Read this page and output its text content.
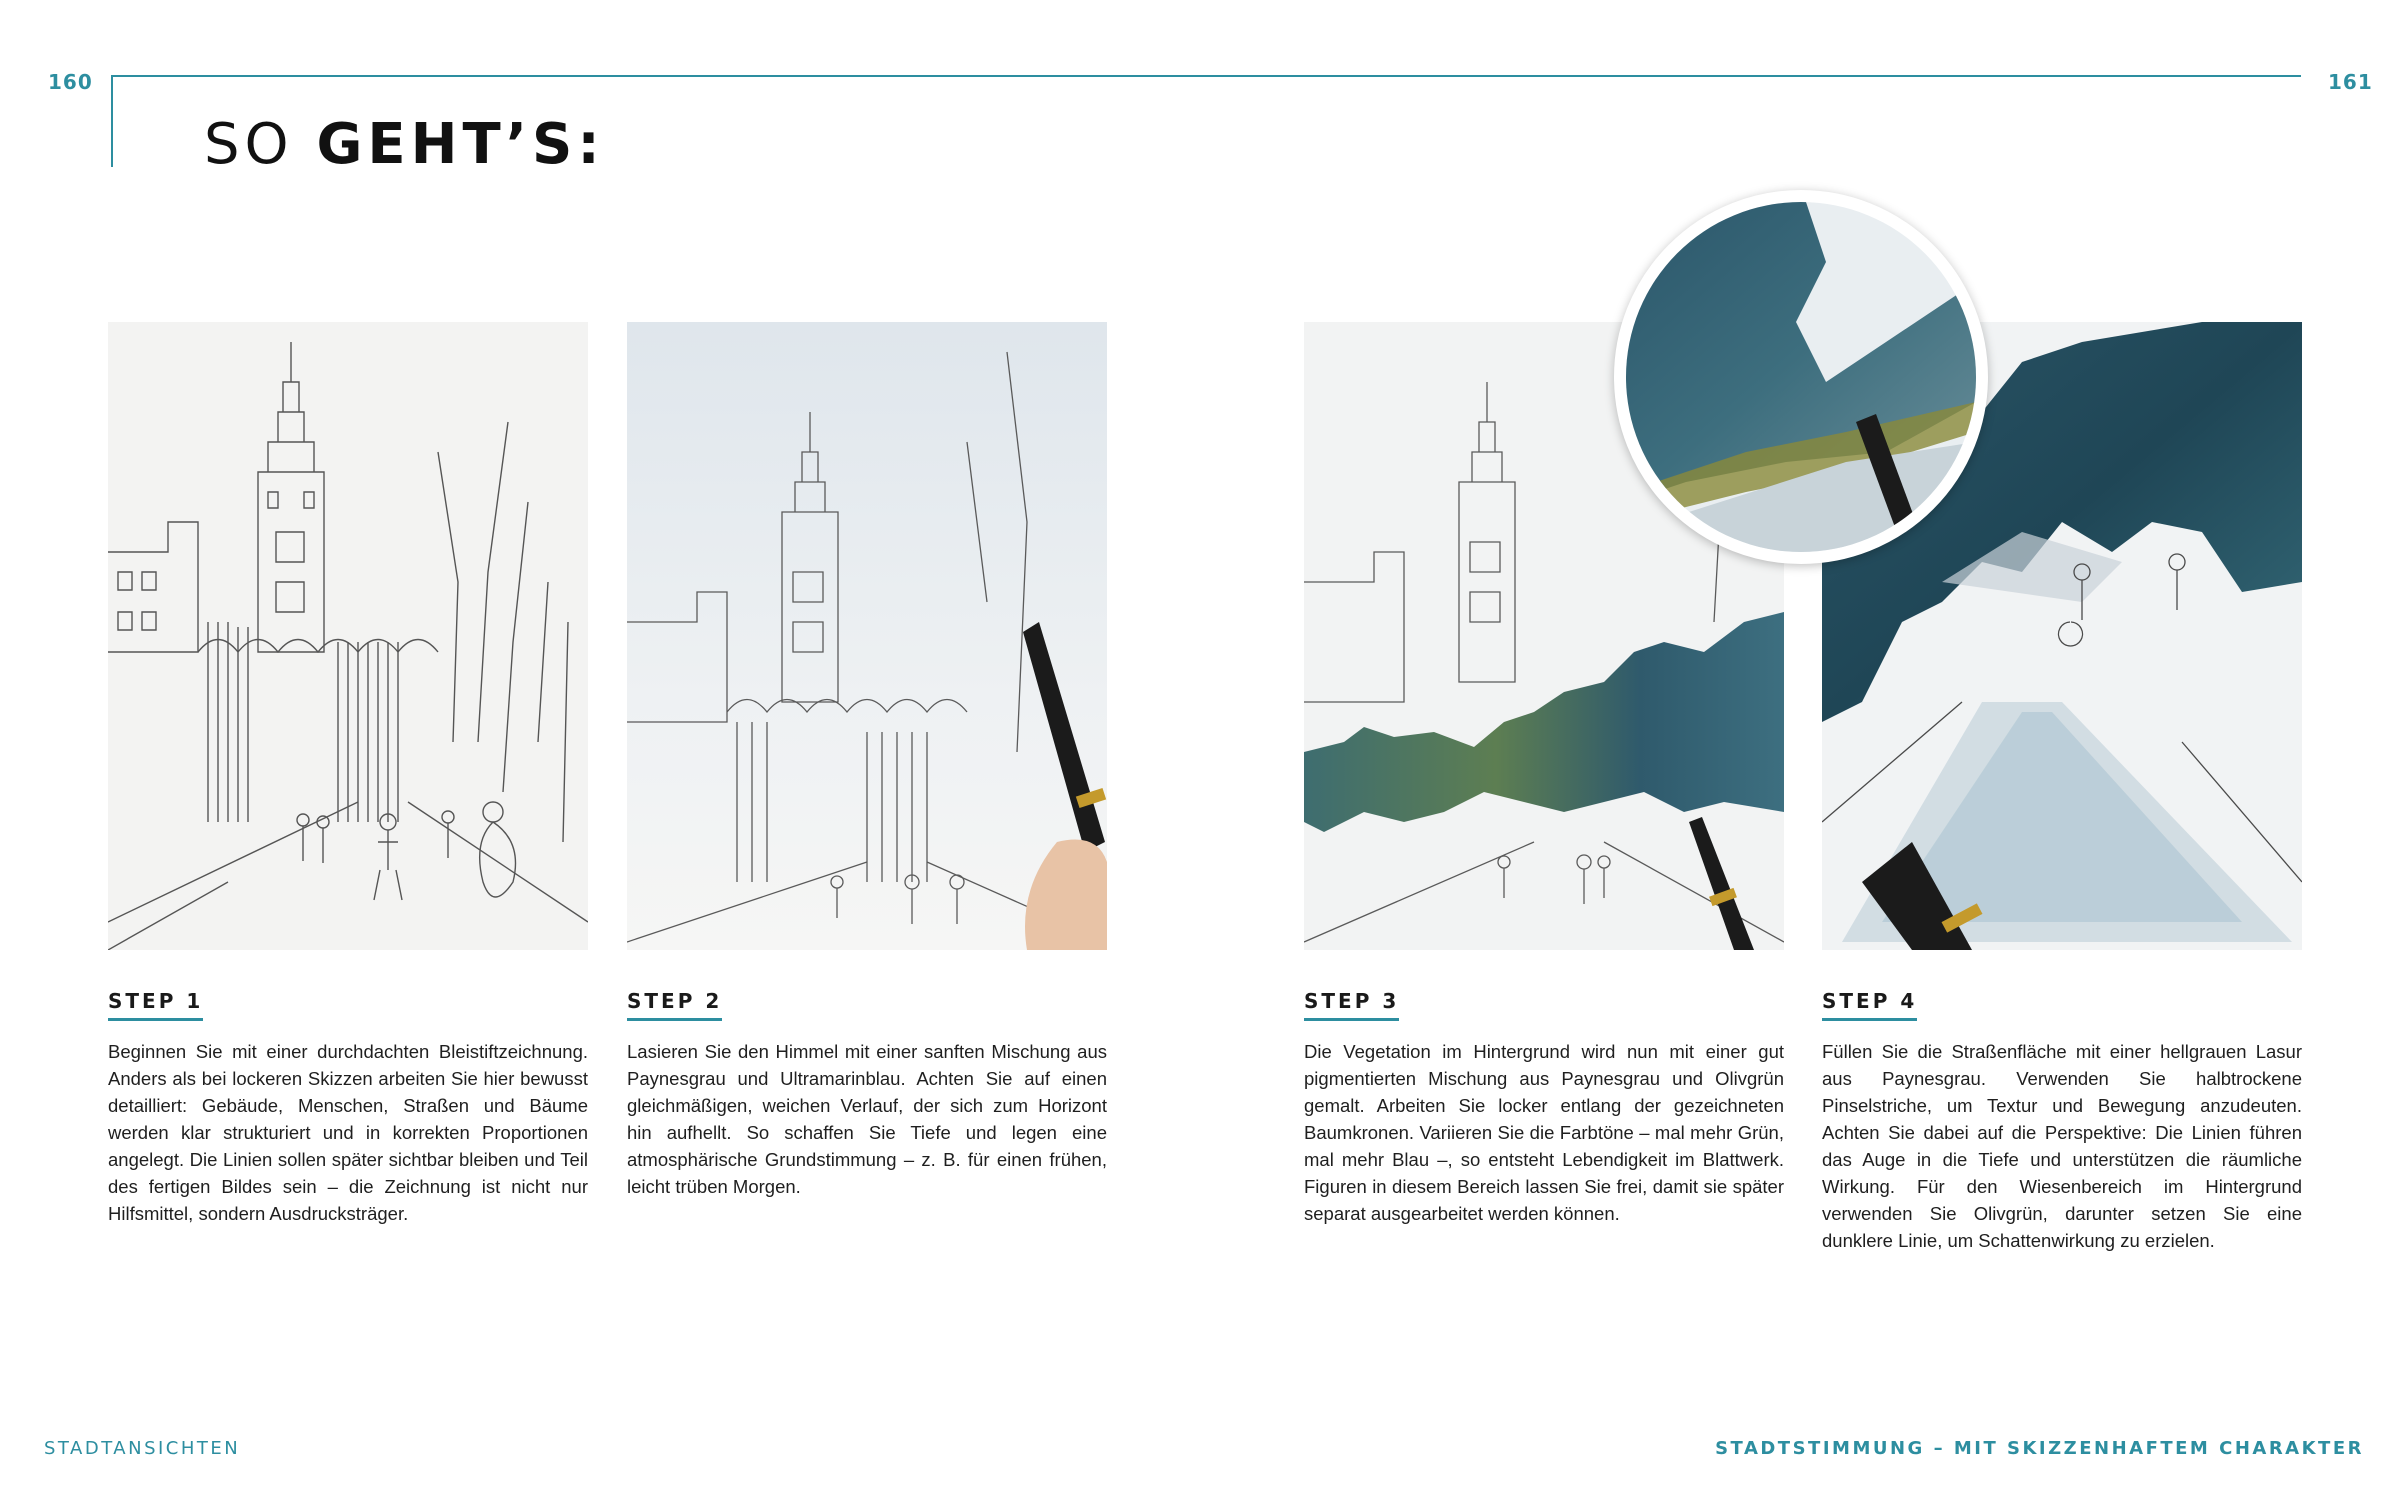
160	161
SO GEHT’S:
STEP 1	STEP 2	STEP 3	STEP 4
Beginnen Sie mit einer durchdachten Bleistiftzeichnung. Anders als bei lockeren Skizzen arbeiten Sie hier bewusst detailliert: Gebäude, Menschen, Straßen und Bäume werden klar strukturiert und in korrekten Proportionen angelegt. Die Linien sollen später sichtbar bleiben und Teil des fertigen Bildes sein – die Zeichnung ist nicht nur Hilfsmittel, sondern Ausdrucksträger.
Lasieren Sie den Himmel mit einer sanften Mischung aus Paynesgrau und Ultramarinblau. Achten Sie auf einen gleichmäßigen, weichen Verlauf, der sich zum Horizont hin aufhellt. So schaffen Sie Tiefe und legen eine atmosphärische Grundstimmung – z. B. für einen frühen, leicht trüben Morgen.
Die Vegetation im Hintergrund wird nun mit einer gut pigmentierten Mischung aus Paynesgrau und Olivgrün gemalt. Arbeiten Sie locker entlang der gezeichneten Baumkronen. Variieren Sie die Farbtöne – mal mehr Grün, mal mehr Blau –, so entsteht Lebendigkeit im Blattwerk. Figuren in diesem Bereich lassen Sie frei, damit sie später separat ausgearbeitet werden können.
Füllen Sie die Straßenfläche mit einer hellgrauen Lasur aus Paynesgrau. Verwenden Sie halbtrockene Pinselstriche, um Textur und Bewegung anzudeuten. Achten Sie dabei auf die Perspektive: Die Linien führen das Auge in die Tiefe und unterstützen die räumliche Wirkung. Für den Wiesenbereich im Hintergrund verwenden Sie Olivgrün, darunter setzen Sie eine dunklere Linie, um Schattenwirkung zu erzielen.
STADTANSICHTEN	STADTSTIMMUNG – MIT SKIZZENHAFTEM CHARAKTER
